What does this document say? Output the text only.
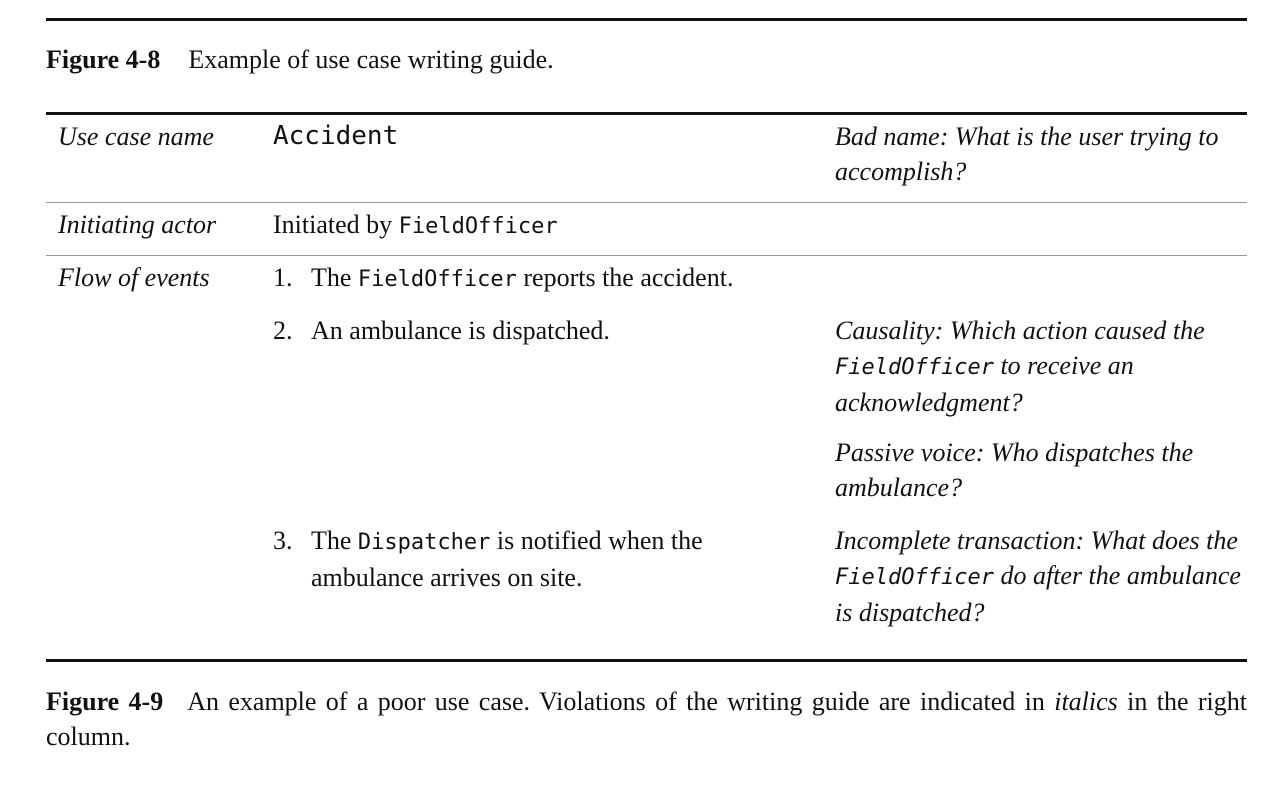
Figure 4-8 Example of use case writing guide.
Use case name Accident	Bad name: What is the user trying to accomplish?
Initiating actor Initiated by FieldOfficer
Flow of events 1. The FieldOfficer reports the accident.
2. An ambulance is dispatched.	Causality: Which action caused the FieldOfficer to receive an acknowledgment?
Passive voice: Who dispatches the ambulance?
3. The Dispatcher is notified when the ambulance arrives on site.
Incomplete transaction: What does the FieldOfficer do after the ambulance is dispatched?
Figure 4-9 An example of a poor use case. Violations of the writing guide are indicated in italics in the right column.
